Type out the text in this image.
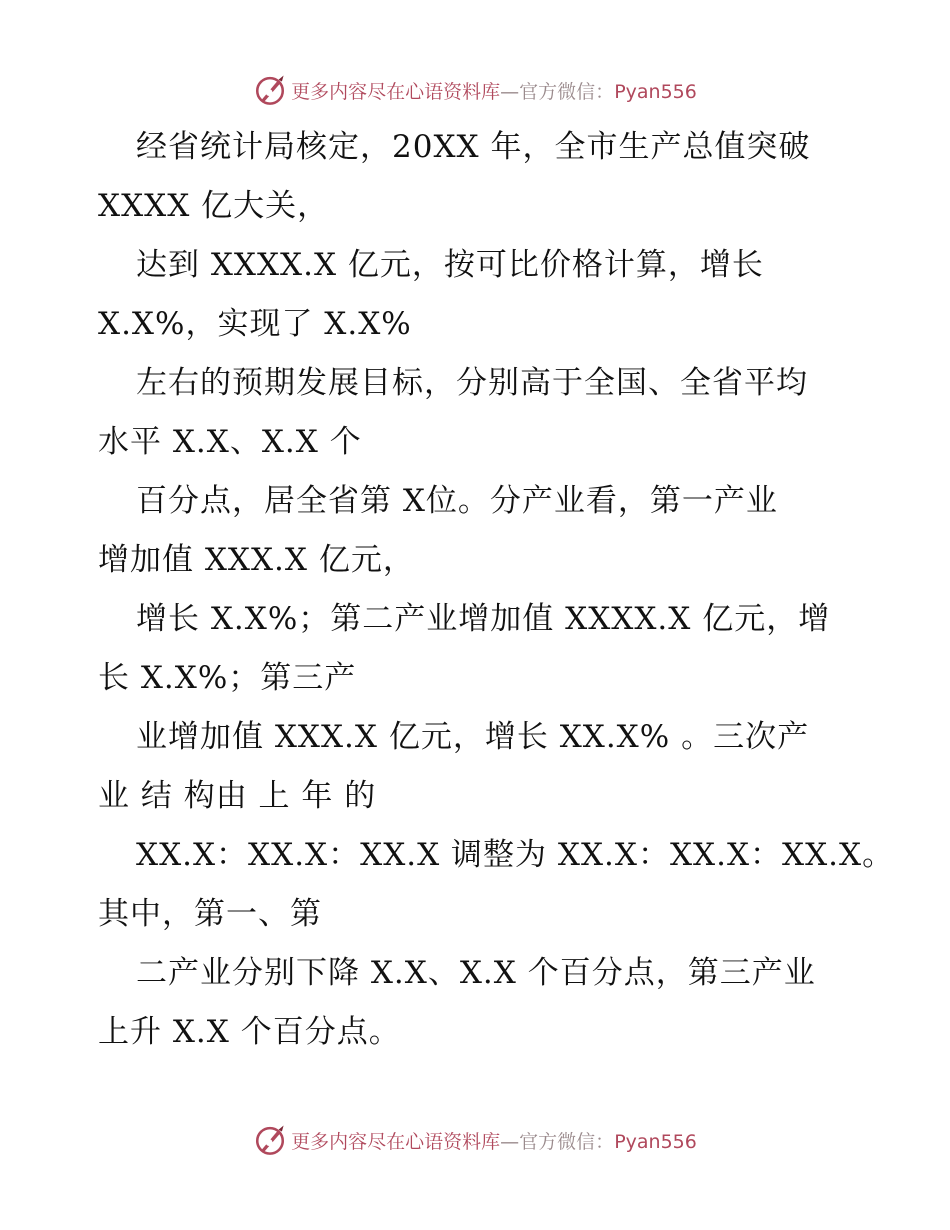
更多内容尽在心语资料库—官方微信：Pyan556

经省统计局核定，20XX 年，全市生产总值突破

XXXX 亿大关，

达到 XXXX.X 亿元，按可比价格计算，增长

X.X%，实现了 X.X%

左右的预期发展目标，分别高于全国、全省平均

水平 X.X、X.X 个

百分点，居全省第 X位。分产业看，第一产业

增加值 XXX.X 亿元，

增长 X.X%；第二产业增加值 XXXX.X 亿元，增

长 X.X%；第三产

业增加值 XXX.X 亿元，增长 XX.X% 。三次产

业 结 构由 上 年 的

XX.X：XX.X：XX.X 调整为 XX.X：XX.X：XX.X。

其中，第一、第

二产业分别下降 X.X、X.X 个百分点，第三产业

上升 X.X 个百分点。

更多内容尽在心语资料库—官方微信：Pyan556
